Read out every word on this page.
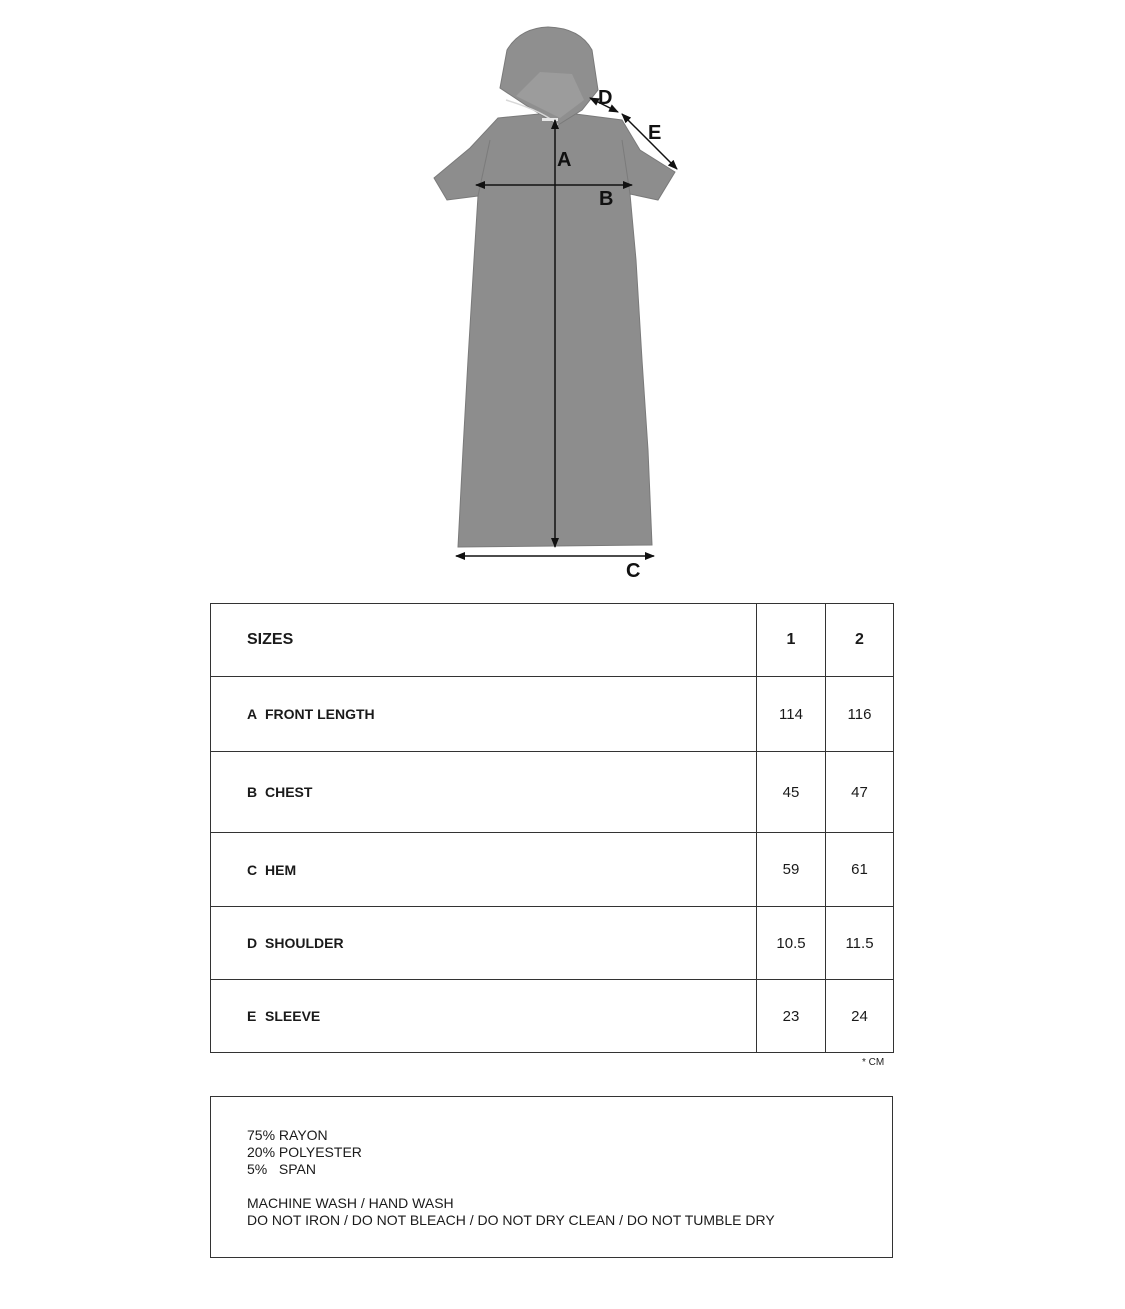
A
B
C
D
E
SIZES	1	2
A FRONT LENGTH	114	116
B CHEST	45	47
C HEM	59	61
D SHOULDER	10.5	11.5
E SLEEVE	23	24
* CM
75% RAYON
20% POLYESTER
5%   SPAN
MACHINE WASH / HAND WASH
DO NOT IRON / DO NOT BLEACH / DO NOT DRY CLEAN / DO NOT TUMBLE DRY
